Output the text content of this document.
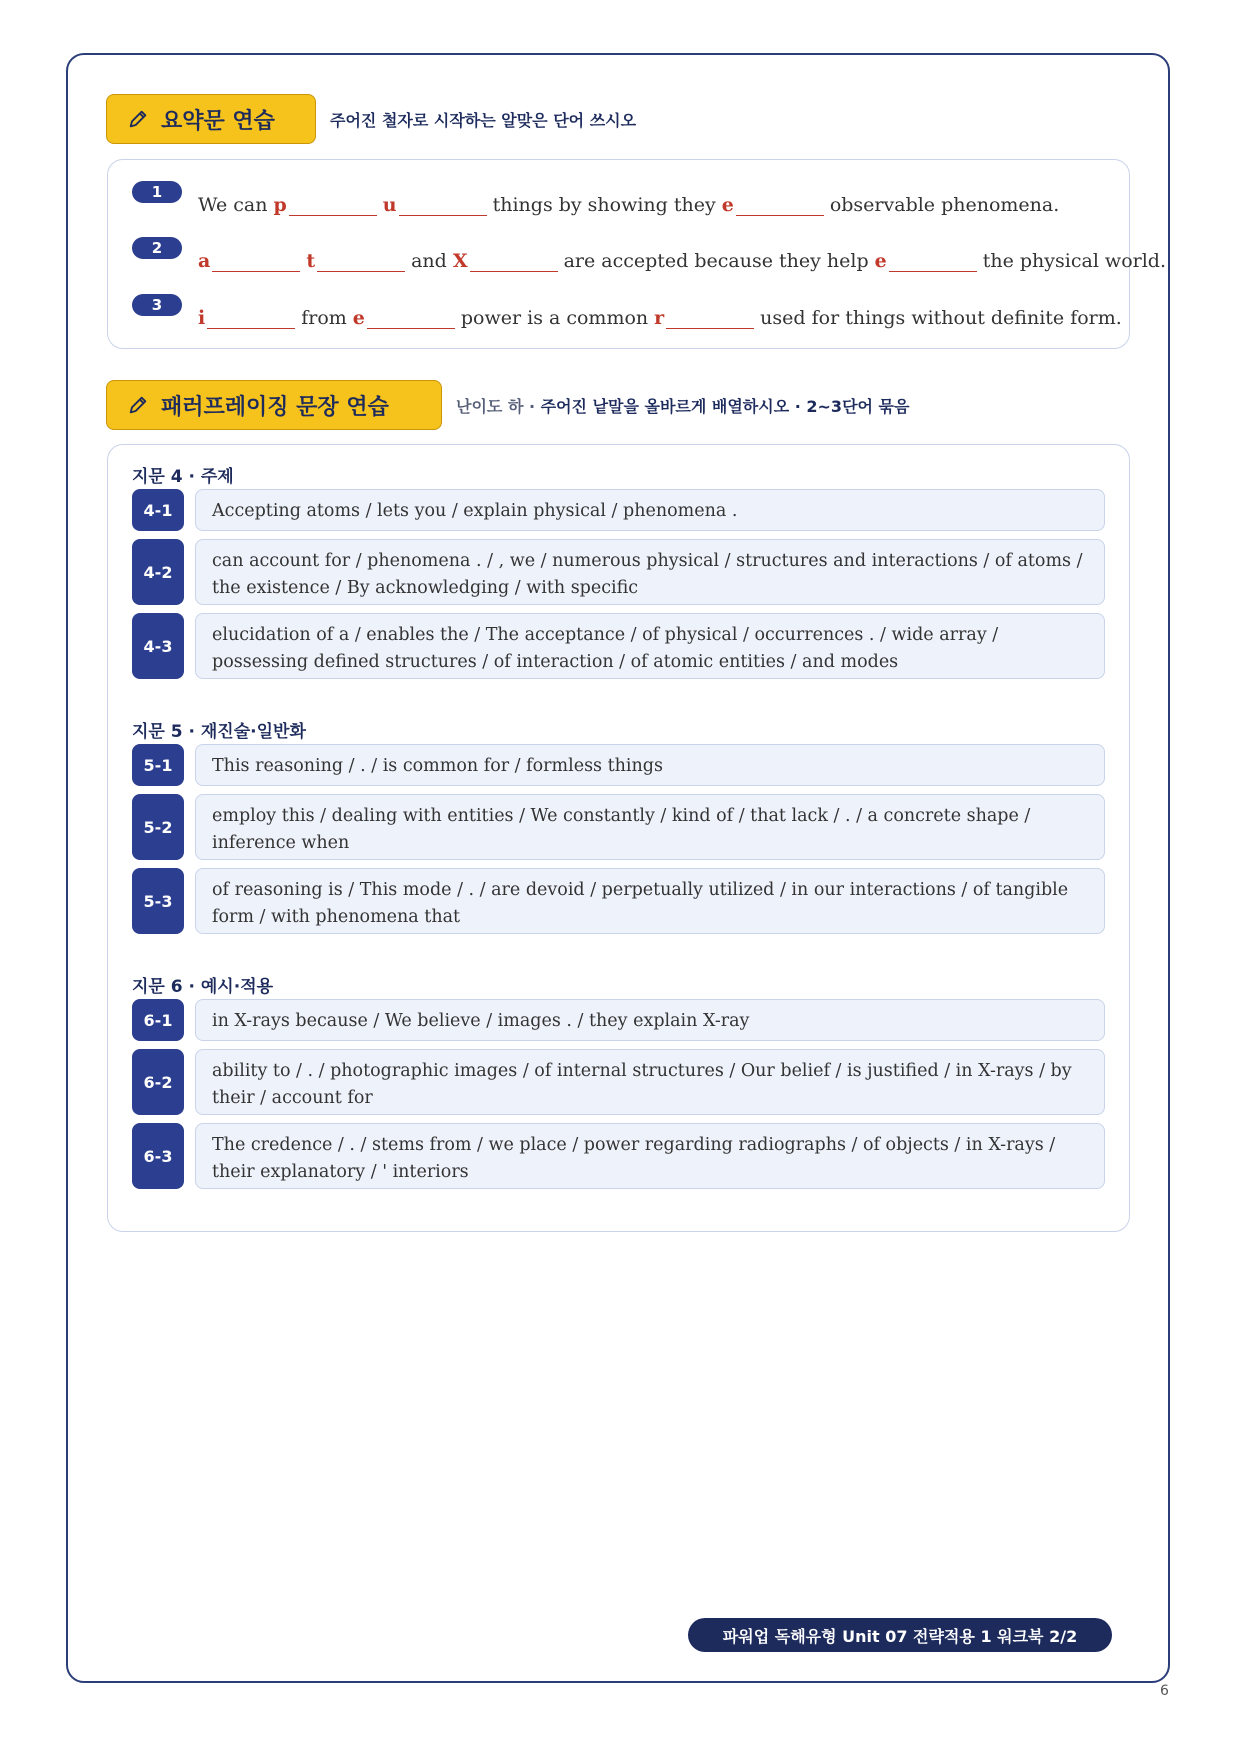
요약문 연습	주어진 철자로 시작하는 알맞은 단어 쓰시오
1
We can p	u	things by showing they e	observable phenomena.
2
a	t	and X	are accepted because they help e	the physical world.
3
i	from e	power is a common r	used for things without definite form.
패러프레이징 문장 연습	난이도 하 · 주어진 낱말을 올바르게 배열하시오 · 2~3단어 묶음
지문 4 · 주제
4-1	Accepting atoms / lets you / explain physical / phenomena .
4-2
can account for / phenomena . / , we / numerous physical / structures and interactions / of atoms / the existence / By acknowledging / with specific
4-3
elucidation of a / enables the / The acceptance / of physical / occurrences . / wide array / possessing defined structures / of interaction / of atomic entities / and modes
지문 5 · 재진술·일반화
5-1	This reasoning / . / is common for / formless things
5-2
employ this / dealing with entities / We constantly / kind of / that lack / . / a concrete shape / inference when
5-3
of reasoning is / This mode / . / are devoid / perpetually utilized / in our interactions / of tangible form / with phenomena that
지문 6 · 예시·적용
6-1	in X-rays because / We believe / images . / they explain X-ray
6-2
ability to / . / photographic images / of internal structures / Our belief / is justified / in X-rays / by their / account for
6-3
The credence / . / stems from / we place / power regarding radiographs / of objects / in X-rays / their explanatory / ' interiors
파워업 독해유형 Unit 07 전략적용 1 워크북 2/2
6
